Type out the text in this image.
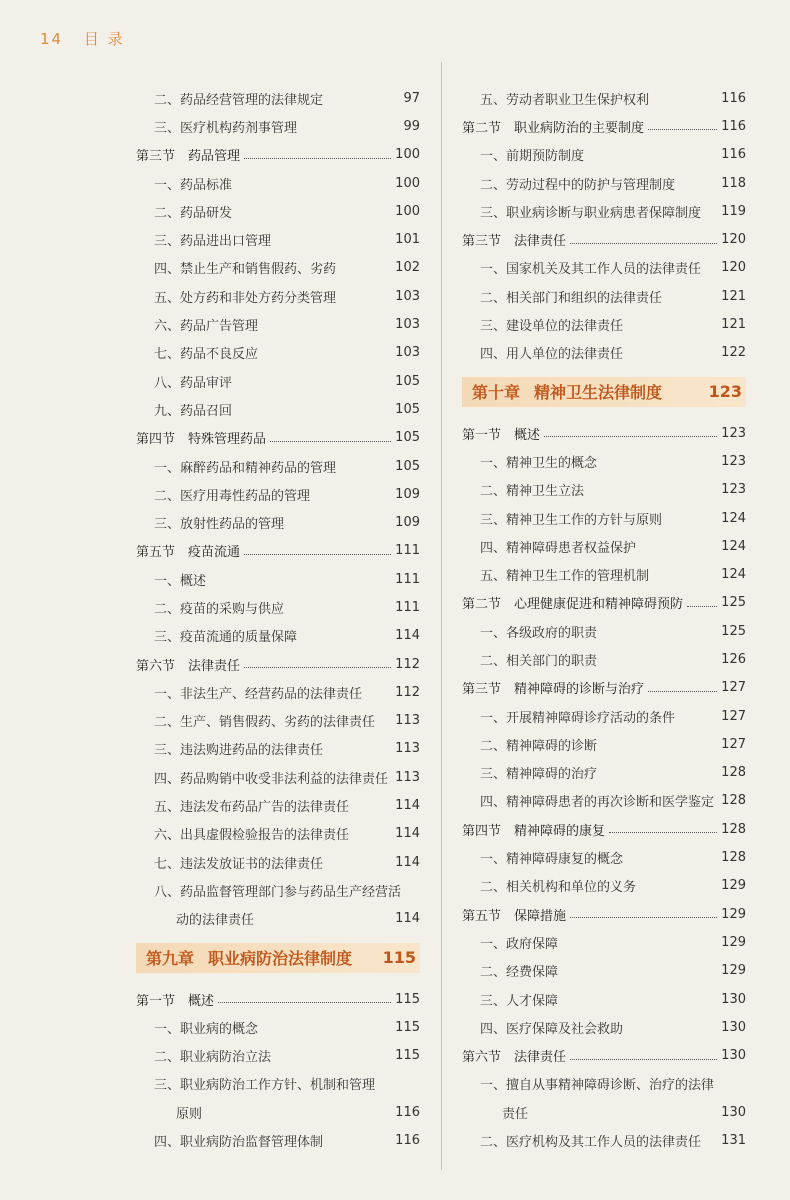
14 目 录
二、药品经营管理的法律规定	97
三、医疗机构药剂事管理	99
第三节　药品管理	100
一、药品标准	100
二、药品研发	100
三、药品进出口管理	101
四、禁止生产和销售假药、劣药	102
五、处方药和非处方药分类管理	103
六、药品广告管理	103
七、药品不良反应	103
八、药品审评	105
九、药品召回	105
第四节　特殊管理药品	105
一、麻醉药品和精神药品的管理	105
二、医疗用毒性药品的管理	109
三、放射性药品的管理	109
第五节　疫苗流通	111
一、概述	111
二、疫苗的采购与供应	111
三、疫苗流通的质量保障	114
第六节　法律责任	112
一、非法生产、经营药品的法律责任	112
二、生产、销售假药、劣药的法律责任 113
三、违法购进药品的法律责任	113
四、药品购销中收受非法利益的法律责任 113
五、违法发布药品广告的法律责任	114
六、出具虚假检验报告的法律责任	114
七、违法发放证书的法律责任	114
八、药品监督管理部门参与药品生产经营活
动的法律责任	114
第九章 职业病防治法律制度 115
第一节　概述	115
一、职业病的概念	115
二、职业病防治立法	115
三、职业病防治工作方针、机制和管理
原则	116
四、职业病防治监督管理体制	116
五、劳动者职业卫生保护权利	116
第二节　职业病防治的主要制度	116
一、前期预防制度	116
二、劳动过程中的防护与管理制度	118
三、职业病诊断与职业病患者保障制度 119
第三节　法律责任	120
一、国家机关及其工作人员的法律责任 120
二、相关部门和组织的法律责任	121
三、建设单位的法律责任	121
四、用人单位的法律责任	122
第十章 精神卫生法律制度	123
第一节　概述	123
一、精神卫生的概念	123
二、精神卫生立法	123
三、精神卫生工作的方针与原则	124
四、精神障碍患者权益保护	124
五、精神卫生工作的管理机制	124
第二节　心理健康促进和精神障碍预防	125
一、各级政府的职责	125
二、相关部门的职责	126
第三节　精神障碍的诊断与治疗	127
一、开展精神障碍诊疗活动的条件	127
二、精神障碍的诊断	127
三、精神障碍的治疗	128
四、精神障碍患者的再次诊断和医学鉴定 128
第四节　精神障碍的康复	128
一、精神障碍康复的概念	128
二、相关机构和单位的义务	129
第五节　保障措施	129
一、政府保障	129
二、经费保障	129
三、人才保障	130
四、医疗保障及社会救助	130
第六节　法律责任	130
一、擅自从事精神障碍诊断、治疗的法律
责任	130
二、医疗机构及其工作人员的法律责任 131
